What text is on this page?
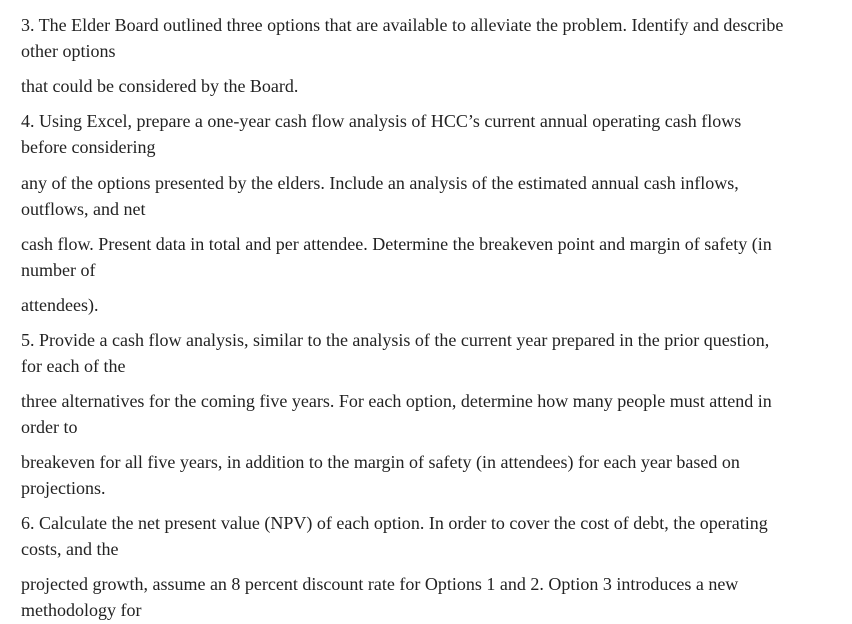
3. The Elder Board outlined three options that are available to alleviate the problem. Identify and describe other options

that could be considered by the Board.

4. Using Excel, prepare a one-year cash flow analysis of HCC’s current annual operating cash flows before considering

any of the options presented by the elders. Include an analysis of the estimated annual cash inflows, outflows, and net

cash flow. Present data in total and per attendee. Determine the breakeven point and margin of safety (in number of

attendees).

5. Provide a cash flow analysis, similar to the analysis of the current year prepared in the prior question, for each of the

three alternatives for the coming five years. For each option, determine how many people must attend in order to

breakeven for all five years, in addition to the margin of safety (in attendees) for each year based on projections.

6. Calculate the net present value (NPV) of each option. In order to cover the cost of debt, the operating costs, and the

projected growth, assume an 8 percent discount rate for Options 1 and 2. Option 3 introduces a new methodology for
